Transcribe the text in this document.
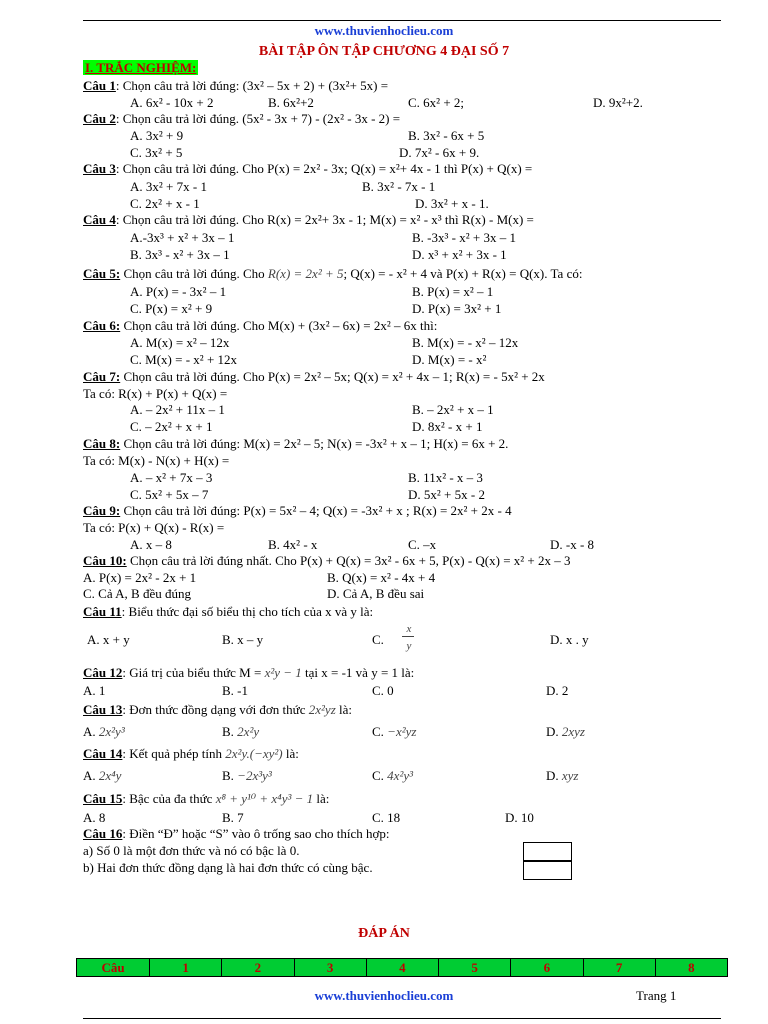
www.thuvienhoclieu.com
BÀI TẬP ÔN TẬP CHƯƠNG 4 ĐẠI SỐ 7
I. TRẮC NGHIỆM:
Câu 1: Chọn câu trả lời đúng: (3x² – 5x + 2) + (3x²+ 5x) =
A. 6x² - 10x + 2	B. 6x²+2	C. 6x² + 2;	D. 9x²+2.
Câu 2: Chọn câu trả lời đúng. (5x² - 3x + 7) - (2x² - 3x - 2) =
A. 3x² + 9	B. 3x² - 6x + 5
C. 3x² + 5	D. 7x² - 6x + 9.
Câu 3: Chọn câu trả lời đúng. Cho P(x) = 2x² - 3x; Q(x) = x²+ 4x - 1 thì P(x) + Q(x) =
A. 3x² + 7x - 1	B. 3x² - 7x - 1
C. 2x² + x - 1	D. 3x² + x - 1.
Câu 4: Chọn câu trả lời đúng. Cho R(x) = 2x²+ 3x - 1; M(x) = x² - x³ thì R(x) - M(x) =
A.-3x³ + x² + 3x – 1	B. -3x³ - x² + 3x – 1
B. 3x³ - x² + 3x – 1	D. x³ + x² + 3x - 1
Câu 5: Chọn câu trả lời đúng. Cho R(x) = 2x² + 5; Q(x) = - x² + 4 và P(x) + R(x) = Q(x). Ta có:
A. P(x) = - 3x² – 1	B. P(x) = x² – 1
C. P(x) = x² + 9	D. P(x) = 3x² + 1
Câu 6: Chọn câu trả lời đúng. Cho M(x) + (3x² – 6x) = 2x² – 6x thì:
A. M(x) = x² – 12x	B. M(x) = - x² – 12x
C. M(x) = - x² + 12x	D. M(x) = - x²
Câu 7: Chọn câu trả lời đúng. Cho P(x) = 2x² – 5x; Q(x) = x² + 4x – 1; R(x) = - 5x² + 2x
Ta có: R(x) + P(x) + Q(x) =
A. – 2x² + 11x – 1	B. – 2x² + x – 1
C. – 2x² + x + 1	D. 8x² - x + 1
Câu 8: Chọn câu trả lời đúng: M(x) = 2x² – 5; N(x) = -3x² + x – 1; H(x) = 6x + 2.
Ta có: M(x) - N(x) + H(x) =
A. – x² + 7x – 3	B. 11x² - x – 3
C. 5x² + 5x – 7	D. 5x² + 5x - 2
Câu 9: Chọn câu trả lời đúng: P(x) = 5x² – 4; Q(x) = -3x² + x ; R(x) = 2x² + 2x - 4
Ta có: P(x) + Q(x) - R(x) =
A. x – 8	B. 4x² - x	C. –x	D. -x - 8
Câu 10: Chọn câu trả lời đúng nhất. Cho P(x) + Q(x) = 3x² - 6x + 5, P(x) - Q(x) = x² + 2x – 3
A. P(x) = 2x² - 2x + 1	B. Q(x) = x² - 4x + 4
C. Cả A, B đều đúng	D. Cả A, B đều sai
Câu 11: Biểu thức đại số biểu thị cho tích của x và y là:
A. x + y	B. x – y	C.
x
y	D. x . y
Câu 12: Giá trị của biểu thức M = x²y − 1 tại x = -1 và y = 1 là:
A. 1	B. -1	C. 0	D. 2
Câu 13: Đơn thức đồng dạng với đơn thức 2x²yz là:
A. 2x²y³	B. 2x²y	C. −x²yz	D. 2xyz
Câu 14: Kết quả phép tính 2x²y.(−xy²) là:
A. 2x⁴y	B. −2x³y³	C. 4x²y³	D. xyz
Câu 15: Bậc của đa thức x⁸ + y¹⁰ + x⁴y³ − 1 là:
A. 8	B. 7	C. 18	D. 10
Câu 16: Điền “Đ” hoặc “S” vào ô trống sao cho thích hợp:
a) Số 0 là một đơn thức và nó có bậc là 0.
b) Hai đơn thức đồng dạng là hai đơn thức có cùng bậc.
ĐÁP ÁN
Câu	1	2	3	4	5	6	7	8
www.thuvienhoclieu.com	Trang 1
